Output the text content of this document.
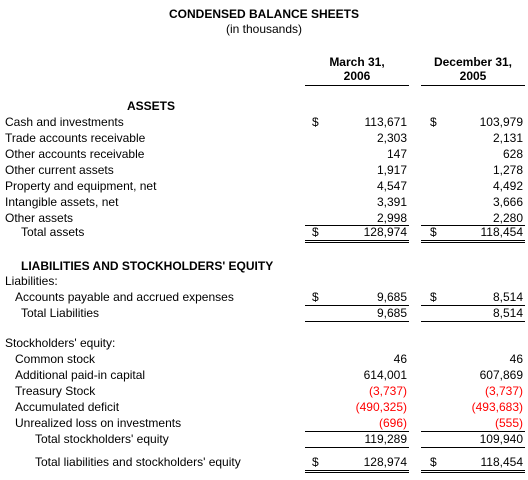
CONDENSED BALANCE SHEETS
(in thousands)
March 31,
2006
December 31,
2005
ASSETS
Cash and investments	113,671	103,979
$	$
Trade accounts receivable	2,303	2,131
Other accounts receivable	147	628
Other current assets	1,917	1,278
Property and equipment, net	4,547	4,492
Intangible assets, net	3,391	3,666
Other assets	2,998	2,280
Total assets	128,974	118,454
$	$
LIABILITIES AND STOCKHOLDERS' EQUITY
Liabilities:
Accounts payable and accrued expenses	9,685	8,514
$	$
Total Liabilities	9,685	8,514
Stockholders' equity:
Common stock	46	46
Additional paid-in capital	614,001	607,869
Treasury Stock	(3,737)	(3,737)
Accumulated deficit	(490,325)	(493,683)
Unrealized loss on investments	(696)	(555)
Total stockholders' equity	119,289	109,940
Total liabilities and stockholders' equity	128,974	118,454
$	$
